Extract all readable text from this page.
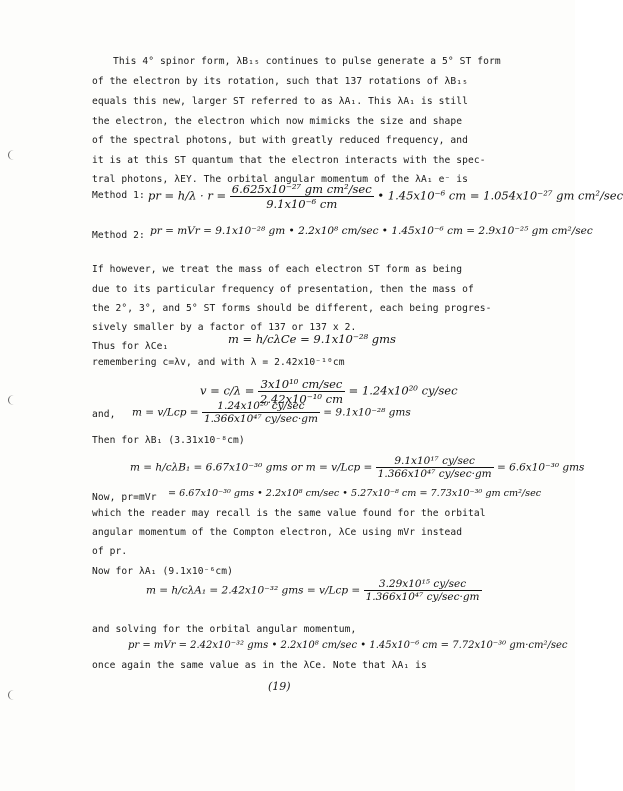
This 4° spinor form, λB₁₅ continues to pulse generate a 5° ST form
of the electron by its rotation, such that 137 rotations of λB₁₅
equals this new, larger ST referred to as λA₁. This λA₁ is still
the electron, the electron which now mimicks the size and shape
of the spectral photons, but with greatly reduced frequency, and
it is at this ST quantum that the electron interacts with the spec-
tral photons, λEY. The orbital angular momentum of the λA₁ e⁻ is
Method 1: pr = $h/\lambda \cdot r = \frac{\text{6.625x10⁻²⁷ gm cm²/sec}}{\text{9.1x10⁻⁶ cm}}$ • 1.45x10⁻⁶ cm = 1.054x10⁻²⁷ gm cm²/sec
Method 2: pr = mVr = 9.1x10⁻²⁸ gm • 2.2x10⁸ cm/sec • 1.45x10⁻⁶ cm = 2.9x10⁻²⁵ gm cm²/sec
If however, we treat the mass of each electron ST form as being
due to its particular frequency of presentation, then the mass of
the 2°, 3°, and 5° ST forms should be different, each being progres-
sively smaller by a factor of 137 or 137 x 2.
Thus for λCe₁
m = h/cλCe = 9.1x10⁻²⁸ gms
remembering c=λv, and with λ = 2.42x10⁻¹⁰cm
$v = c/\lambda = \frac{\text{3x10¹⁰ cm/sec}}{\text{2.42x10⁻¹⁰ cm}} = 1.24x10^{20}$ cy/sec
and,	$m = v/Lcp = \frac{\text{1.24x10²⁰ cy/sec}}{\text{1.366x10⁴⁷ cy/sec·gm}} = 9.1x10^{-28}$ gms
Then for λB₁ (3.31x10⁻⁸cm)
m = h/cλB₁ = 6.67x10⁻³⁰ gms or $m = v/Lcp = \frac{\text{9.1x10¹⁷ cy/sec}}{\text{1.366x10⁴⁷ cy/sec·gm}} = 6.6x10^{-30}$ gms
Now, pr=mVr	= 6.67x10⁻³⁰ gms • 2.2x10⁸ cm/sec • 5.27x10⁻⁸ cm = 7.73x10⁻³⁰ gm cm²/sec
which the reader may recall is the same value found for the orbital
angular momentum of the Compton electron, λCe using mVr instead
of pr.
Now for λA₁ (9.1x10⁻⁶cm)
m = h/cλA₁ = 2.42x10⁻³² gms = $v/Lcp = \frac{\text{3.29x10¹⁵ cy/sec}}{\text{1.366x10⁴⁷ cy/sec·gm}}$
and solving for the orbital angular momentum,
pr = mVr = 2.42x10⁻³² gms • 2.2x10⁸ cm/sec • 1.45x10⁻⁶ cm = 7.72x10⁻³⁰ gm·cm²/sec
once again the same value as in the λCe. Note that λA₁ is
(19)
